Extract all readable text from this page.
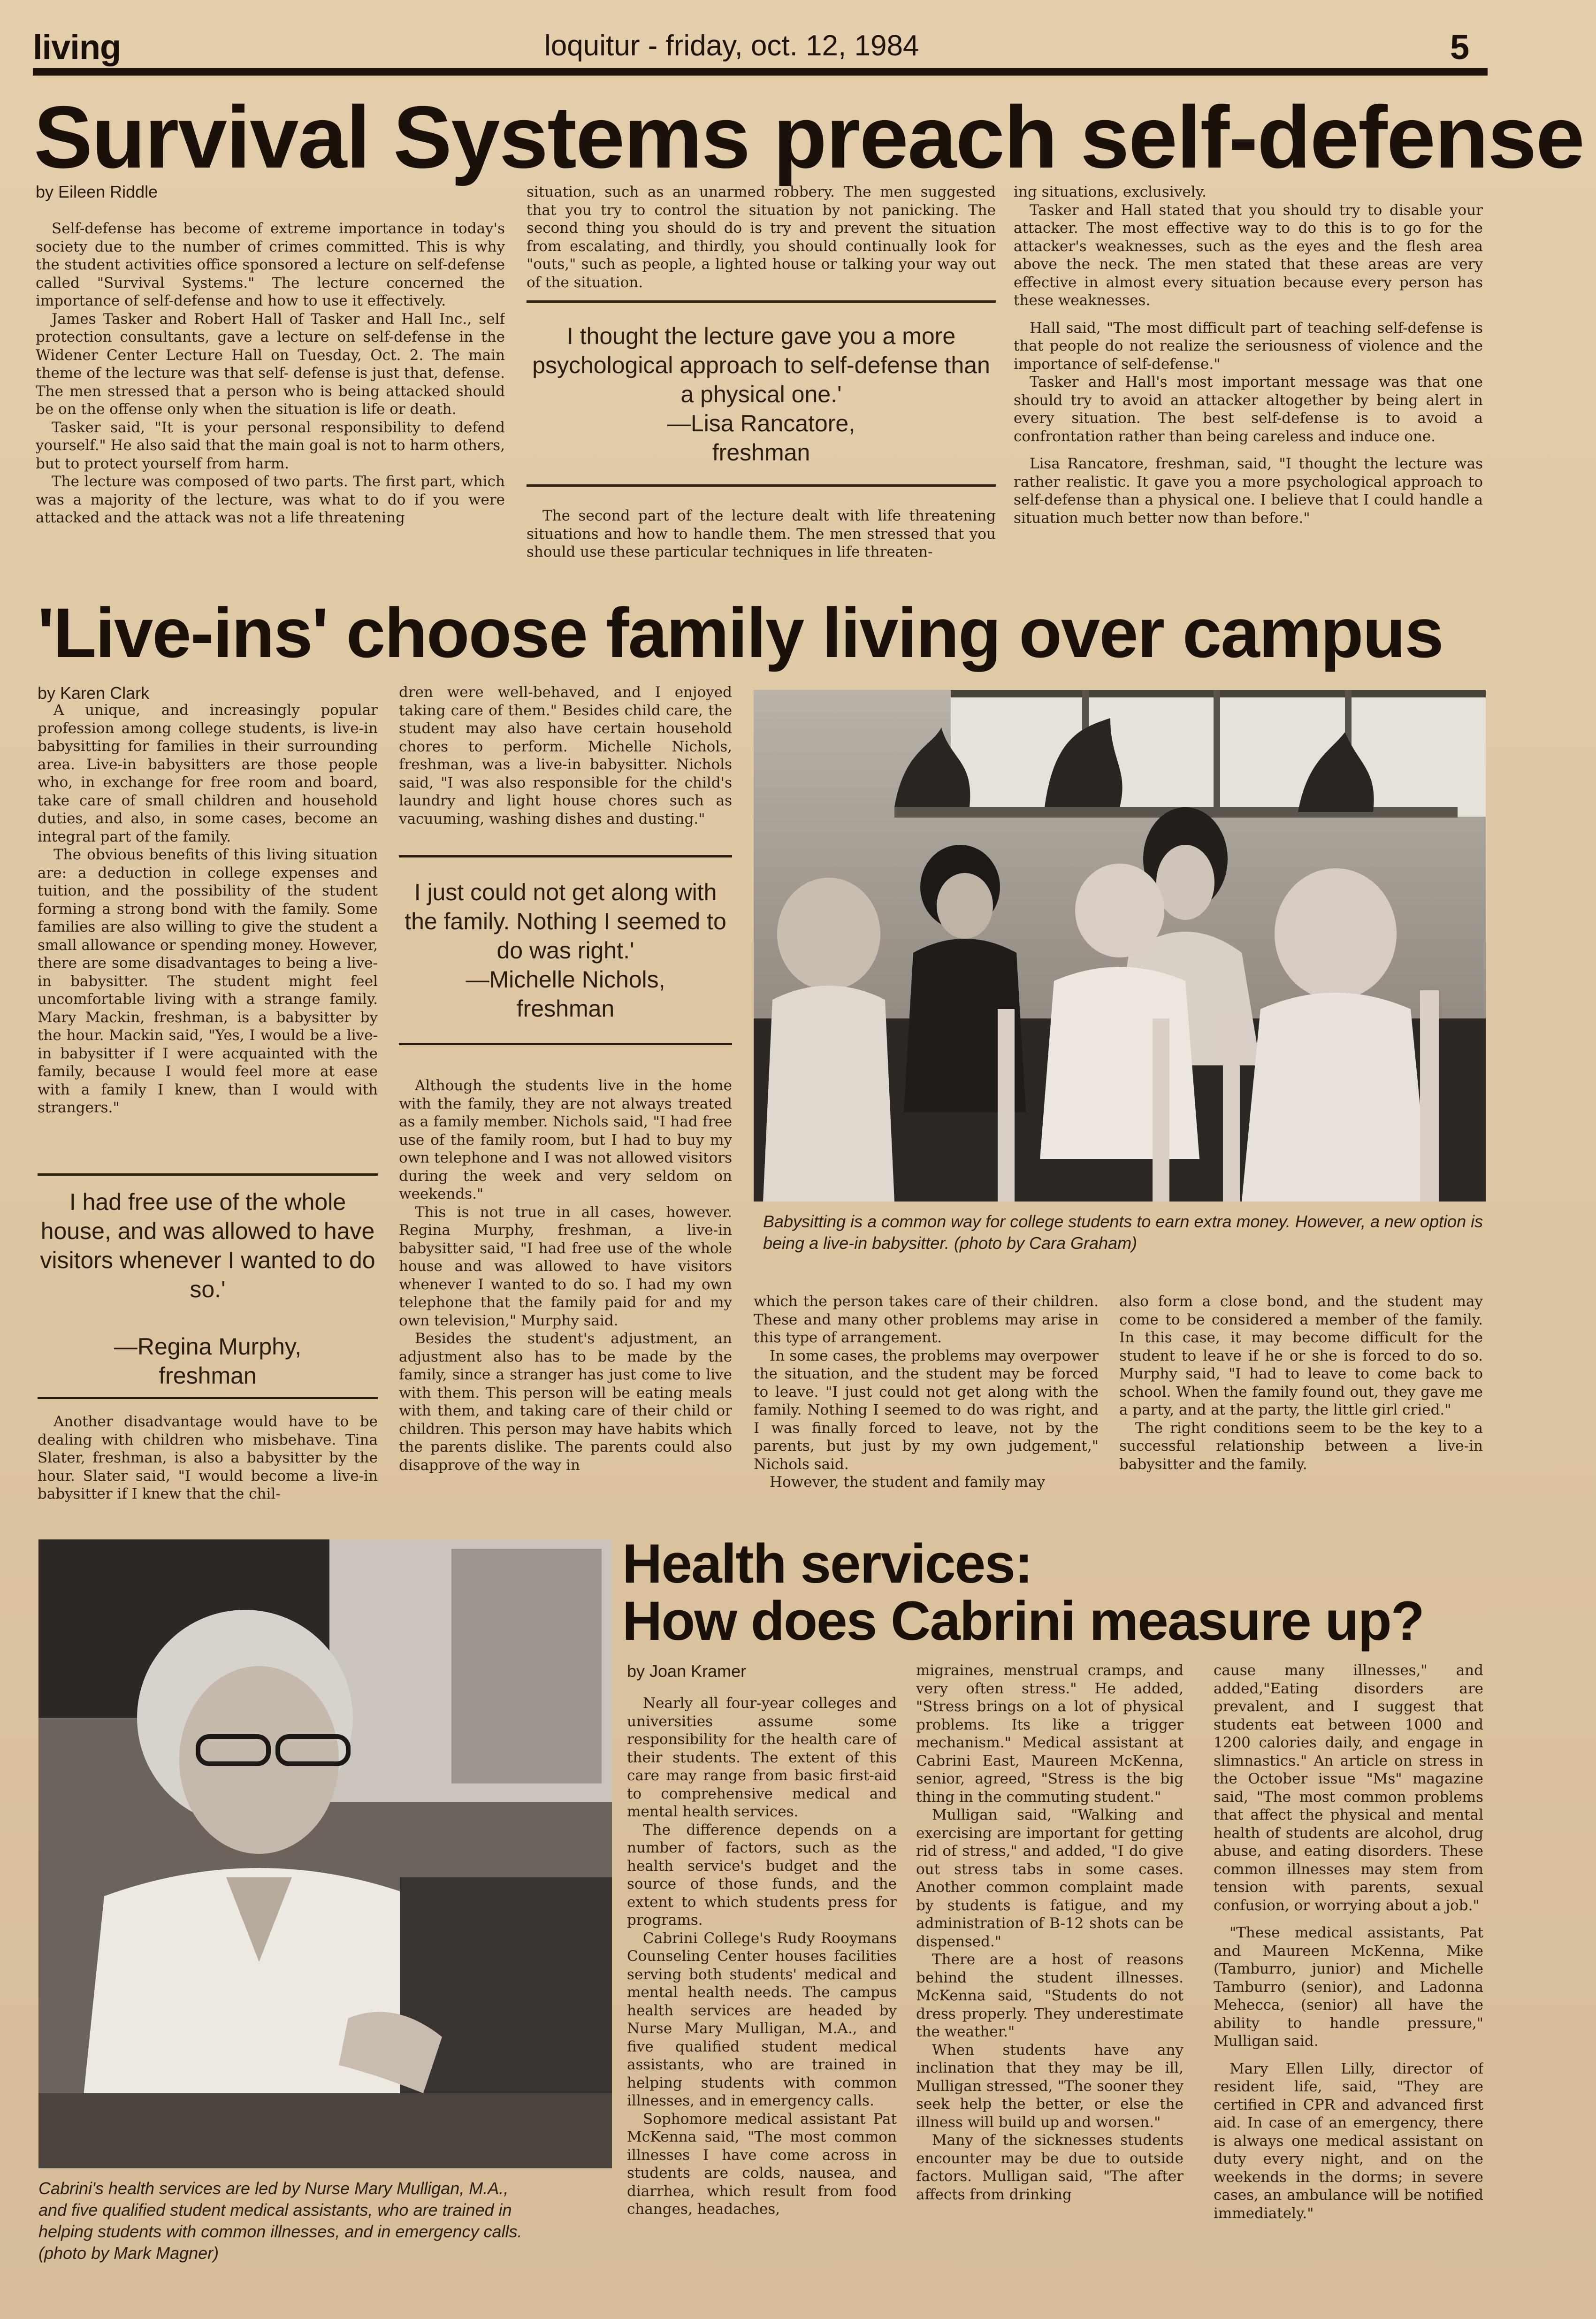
living	loquitur - friday, oct. 12, 1984	5
Survival Systems preach self-defense
by Eileen Riddle

Self-defense has become of extreme importance in today's society due to the number of crimes committed. This is why the student activities office sponsored a lecture on self-defense called "Survival Systems." The lecture concerned the importance of self-defense and how to use it effectively.

James Tasker and Robert Hall of Tasker and Hall Inc., self protection consultants, gave a lecture on self-defense in the Widener Center Lecture Hall on Tuesday, Oct. 2. The main theme of the lecture was that self- defense is just that, defense. The men stressed that a person who is being attacked should be on the offense only when the situation is life or death.

Tasker said, "It is your personal responsibility to defend yourself." He also said that the main goal is not to harm others, but to protect yourself from harm.

The lecture was composed of two parts. The first part, which was a majority of the lecture, was what to do if you were attacked and the attack was not a life threatening

situation, such as an unarmed robbery. The men suggested that you try to control the situation by not panicking. The second thing you should do is try and prevent the situation from escalating, and thirdly, you should continually look for "outs," such as people, a lighted house or talking your way out of the situation.

I thought the lecture gave you a more psychological approach to self-defense than a physical one.'
—Lisa Rancatore,
freshman

The second part of the lecture dealt with life threatening situations and how to handle them. The men stressed that you should use these particular techniques in life threaten-

ing situations, exclusively.

Tasker and Hall stated that you should try to disable your attacker. The most effective way to do this is to go for the attacker's weaknesses, such as the eyes and the flesh area above the neck. The men stated that these areas are very effective in almost every situation because every person has these weaknesses.

Hall said, "The most difficult part of teaching self-defense is that people do not realize the seriousness of violence and the importance of self-defense."

Tasker and Hall's most important message was that one should try to avoid an attacker altogether by being alert in every situation. The best self-defense is to avoid a confrontation rather than being careless and induce one.

Lisa Rancatore, freshman, said, "I thought the lecture was rather realistic. It gave you a more psychological approach to self-defense than a physical one. I believe that I could handle a situation much better now than before."

'Live-ins' choose family living over campus
by Karen Clark

A unique, and increasingly popular profession among college students, is live-in babysitting for families in their surrounding area. Live-in babysitters are those people who, in exchange for free room and board, take care of small children and household duties, and also, in some cases, become an integral part of the family.

The obvious benefits of this living situation are: a deduction in college expenses and tuition, and the possibility of the student forming a strong bond with the family. Some families are also willing to give the student a small allowance or spending money. However, there are some disadvantages to being a live-in babysitter. The student might feel uncomfortable living with a strange family. Mary Mackin, freshman, is a babysitter by the hour. Mackin said, "Yes, I would be a live-in babysitter if I were acquainted with the family, because I would feel more at ease with a family I knew, than I would with strangers."

I had free use of the whole house, and was allowed to have visitors whenever I wanted to do so.'
—Regina Murphy,
freshman

Another disadvantage would have to be dealing with children who misbehave. Tina Slater, freshman, is also a babysitter by the hour. Slater said, "I would become a live-in babysitter if I knew that the chil-

dren were well-behaved, and I enjoyed taking care of them." Besides child care, the student may also have certain household chores to perform. Michelle Nichols, freshman, was a live-in babysitter. Nichols said, "I was also responsible for the child's laundry and light house chores such as vacuuming, washing dishes and dusting."

I just could not get along with the family. Nothing I seemed to do was right.'
—Michelle Nichols,
freshman

Although the students live in the home with the family, they are not always treated as a family member. Nichols said, "I had free use of the family room, but I had to buy my own telephone and I was not allowed visitors during the week and very seldom on weekends."

This is not true in all cases, however. Regina Murphy, freshman, a live-in babysitter said, "I had free use of the whole house and was allowed to have visitors whenever I wanted to do so. I had my own telephone that the family paid for and my own television," Murphy said.

Besides the student's adjustment, an adjustment also has to be made by the family, since a stranger has just come to live with them. This person will be eating meals with them, and taking care of their child or children. This person may have habits which the parents dislike. The parents could also disapprove of the way in

Babysitting is a common way for college students to earn extra money. However, a new option is being a live-in babysitter. (photo by Cara Graham)

which the person takes care of their children. These and many other problems may arise in this type of arrangement.

In some cases, the problems may overpower the situation, and the student may be forced to leave. "I just could not get along with the family. Nothing I seemed to do was right, and I was finally forced to leave, not by the parents, but just by my own judgement," Nichols said.

However, the student and family may

also form a close bond, and the student may come to be considered a member of the family. In this case, it may become difficult for the student to leave if he or she is forced to do so. Murphy said, "I had to leave to come back to school. When the family found out, they gave me a party, and at the party, the little girl cried."

The right conditions seem to be the key to a successful relationship between a live-in babysitter and the family.

Cabrini's health services are led by Nurse Mary Mulligan, M.A., and five qualified student medical assistants, who are trained in helping students with common illnesses, and in emergency calls. (photo by Mark Magner)
Health services:
How does Cabrini measure up?
by Joan Kramer

Nearly all four-year colleges and universities assume some responsibility for the health care of their students. The extent of this care may range from basic first-aid to comprehensive medical and mental health services.

The difference depends on a number of factors, such as the health service's budget and the source of those funds, and the extent to which students press for programs.

Cabrini College's Rudy Rooymans Counseling Center houses facilities serving both students' medical and mental health needs. The campus health services are headed by Nurse Mary Mulligan, M.A., and five qualified student medical assistants, who are trained in helping students with common illnesses, and in emergency calls.

Sophomore medical assistant Pat McKenna said, "The most common illnesses I have come across in students are colds, nausea, and diarrhea, which result from food changes, headaches,

migraines, menstrual cramps, and very often stress." He added, "Stress brings on a lot of physical problems. Its like a trigger mechanism." Medical assistant at Cabrini East, Maureen McKenna, senior, agreed, "Stress is the big thing in the commuting student."

Mulligan said, "Walking and exercising are important for getting rid of stress," and added, "I do give out stress tabs in some cases. Another common complaint made by students is fatigue, and my administration of B-12 shots can be dispensed."

There are a host of reasons behind the student illnesses. McKenna said, "Students do not dress properly. They underestimate the weather."

When students have any inclination that they may be ill, Mulligan stressed, "The sooner they seek help the better, or else the illness will build up and worsen."

Many of the sicknesses students encounter may be due to outside factors. Mulligan said, "The after affects from drinking

cause many illnesses," and added,"Eating disorders are prevalent, and I suggest that students eat between 1000 and 1200 calories daily, and engage in slimnastics." An article on stress in the October issue "Ms" magazine said, "The most common problems that affect the physical and mental health of students are alcohol, drug abuse, and eating disorders. These common illnesses may stem from tension with parents, sexual confusion, or worrying about a job."

"These medical assistants, Pat and Maureen McKenna, Mike (Tamburro, junior) and Michelle Tamburro (senior), and Ladonna Mehecca, (senior) all have the ability to handle pressure," Mulligan said.

Mary Ellen Lilly, director of resident life, said, "They are certified in CPR and advanced first aid. In case of an emergency, there is always one medical assistant on duty every night, and on the weekends in the dorms; in severe cases, an ambulance will be notified immediately."
